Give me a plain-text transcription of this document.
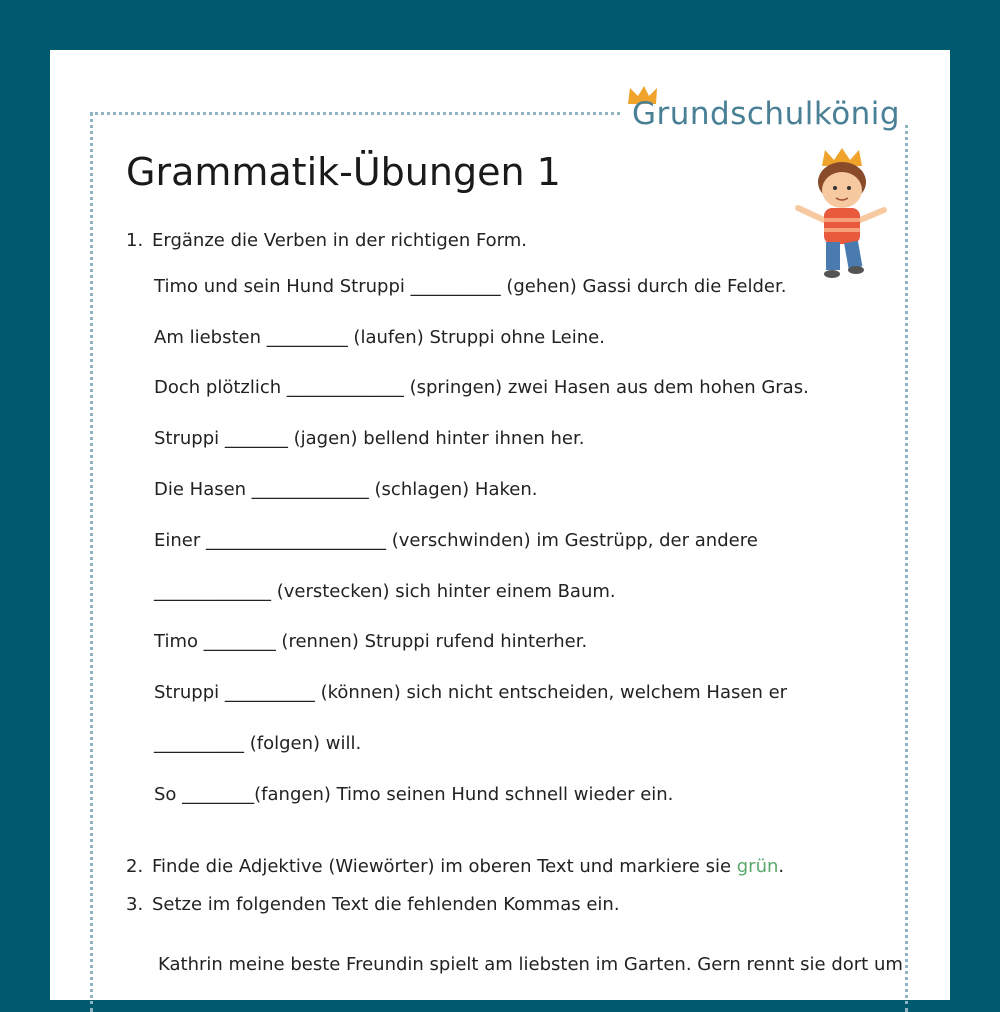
Grundschulkönig
Grammatik-Übungen 1
1. Ergänze die Verben in der richtigen Form.
Timo und sein Hund Struppi __________ (gehen) Gassi durch die Felder.
Am liebsten _________ (laufen) Struppi ohne Leine.
Doch plötzlich _____________ (springen) zwei Hasen aus dem hohen Gras.
Struppi _______ (jagen) bellend hinter ihnen her.
Die Hasen _____________ (schlagen) Haken.
Einer ____________________ (verschwinden) im Gestrüpp, der andere
_____________ (verstecken) sich hinter einem Baum.
Timo ________ (rennen) Struppi rufend hinterher.
Struppi __________ (können) sich nicht entscheiden, welchem Hasen er
__________ (folgen) will.
So ________(fangen) Timo seinen Hund schnell wieder ein.
2. Finde die Adjektive (Wiewörter) im oberen Text und markiere sie grün.
3. Setze im folgenden Text die fehlenden Kommas ein.
Kathrin meine beste Freundin spielt am liebsten im Garten. Gern rennt sie dort um
